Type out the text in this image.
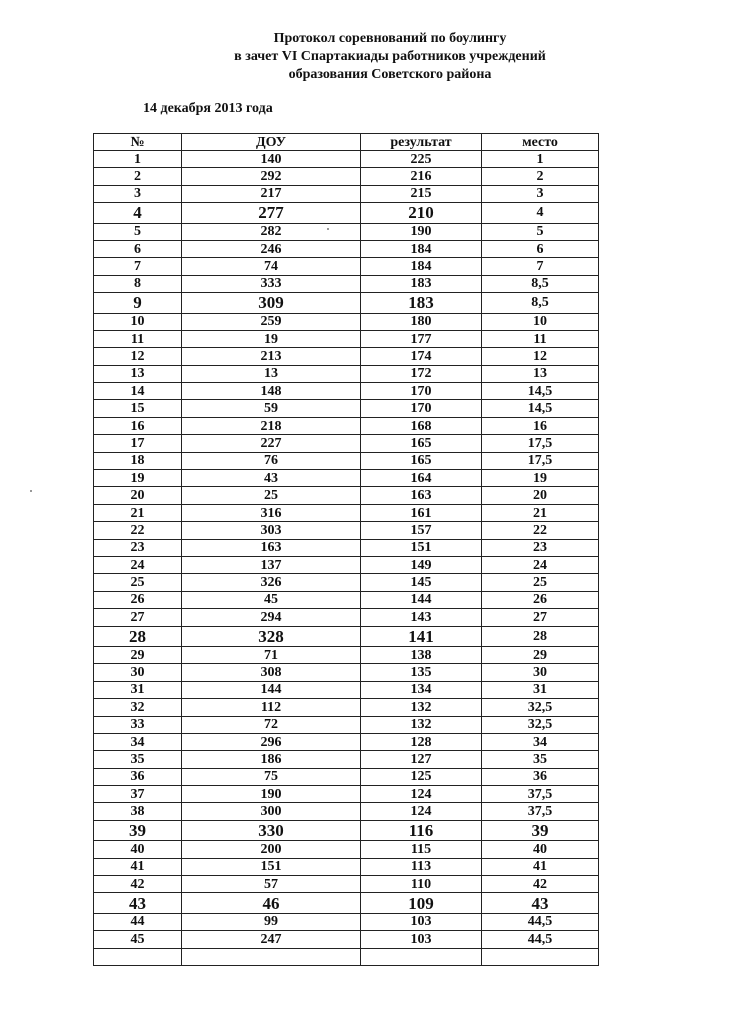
Протокол соревнований по боулингу
в зачет VI Спартакиады работников учреждений
образования Советского района
14 декабря 2013 года
№	ДОУ	результат	место
1	140	225	1
2	292	216	2
3	217	215	3
4	277	210	4
5	282	190	5
6	246	184	6
7	74	184	7
8	333	183	8,5
9	309	183	8,5
10	259	180	10
11	19	177	11
12	213	174	12
13	13	172	13
14	148	170	14,5
15	59	170	14,5
16	218	168	16
17	227	165	17,5
18	76	165	17,5
19	43	164	19
20	25	163	20
21	316	161	21
22	303	157	22
23	163	151	23
24	137	149	24
25	326	145	25
26	45	144	26
27	294	143	27
28	328	141	28
29	71	138	29
30	308	135	30
31	144	134	31
32	112	132	32,5
33	72	132	32,5
34	296	128	34
35	186	127	35
36	75	125	36
37	190	124	37,5
38	300	124	37,5
39	330	116	39
40	200	115	40
41	151	113	41
42	57	110	42
43	46	109	43
44	99	103	44,5
45	247	103	44,5
